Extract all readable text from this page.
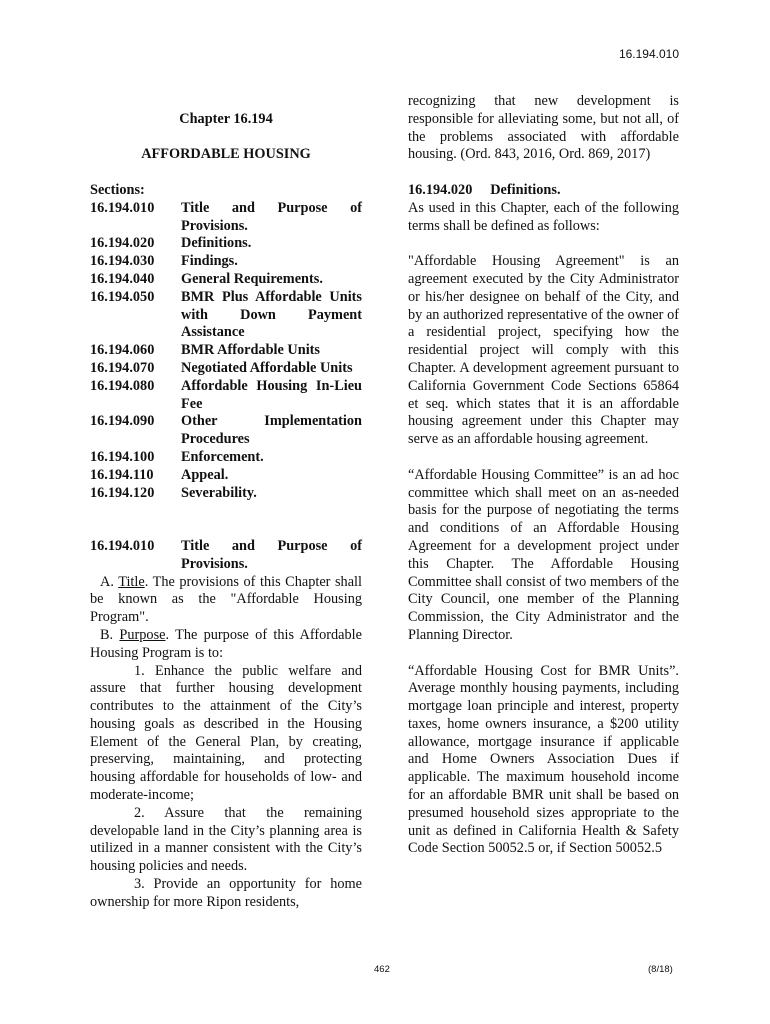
16.194.010

Chapter 16.194

AFFORDABLE HOUSING

Sections:
16.194.010	Title and Purpose of Provisions.
16.194.020	Definitions.
16.194.030	Findings.
16.194.040	General Requirements.
16.194.050	BMR Plus Affordable Units with Down Payment Assistance
16.194.060	BMR Affordable Units
16.194.070	Negotiated Affordable Units
16.194.080	Affordable Housing In-Lieu Fee
16.194.090	Other Implementation Procedures
16.194.100	Enforcement.
16.194.110	Appeal.
16.194.120	Severability.
16.194.010	Title and Purpose of Provisions.

A. Title. The provisions of this Chapter shall be known as the "Affordable Housing Program".

B. Purpose. The purpose of this Affordable Housing Program is to:

1. Enhance the public welfare and assure that further housing development contributes to the attainment of the City’s housing goals as described in the Housing Element of the General Plan, by creating, preserving, maintaining, and protecting housing affordable for households of low- and moderate-income;

2. Assure that the remaining developable land in the City’s planning area is utilized in a manner consistent with the City’s housing policies and needs.

3. Provide an opportunity for home ownership for more Ripon residents,

recognizing that new development is responsible for alleviating some, but not all, of the problems associated with affordable housing. (Ord. 843, 2016, Ord. 869, 2017)

16.194.020 Definitions.

As used in this Chapter, each of the following terms shall be defined as follows:

"Affordable Housing Agreement" is an agreement executed by the City Administrator or his/her designee on behalf of the City, and by an authorized representative of the owner of a residential project, specifying how the residential project will comply with this Chapter. A development agreement pursuant to California Government Code Sections 65864 et seq. which states that it is an affordable housing agreement under this Chapter may serve as an affordable housing agreement.

“Affordable Housing Committee” is an ad hoc committee which shall meet on an as-needed basis for the purpose of negotiating the terms and conditions of an Affordable Housing Agreement for a development project under this Chapter. The Affordable Housing Committee shall consist of two members of the City Council, one member of the Planning Commission, the City Administrator and the Planning Director.

“Affordable Housing Cost for BMR Units”. Average monthly housing payments, including mortgage loan principle and interest, property taxes, home owners insurance, a $200 utility allowance, mortgage insurance if applicable and Home Owners Association Dues if applicable. The maximum household income for an affordable BMR unit shall be based on presumed household sizes appropriate to the unit as defined in California Health & Safety Code Section 50052.5 or, if Section 50052.5

462	(8/18)
